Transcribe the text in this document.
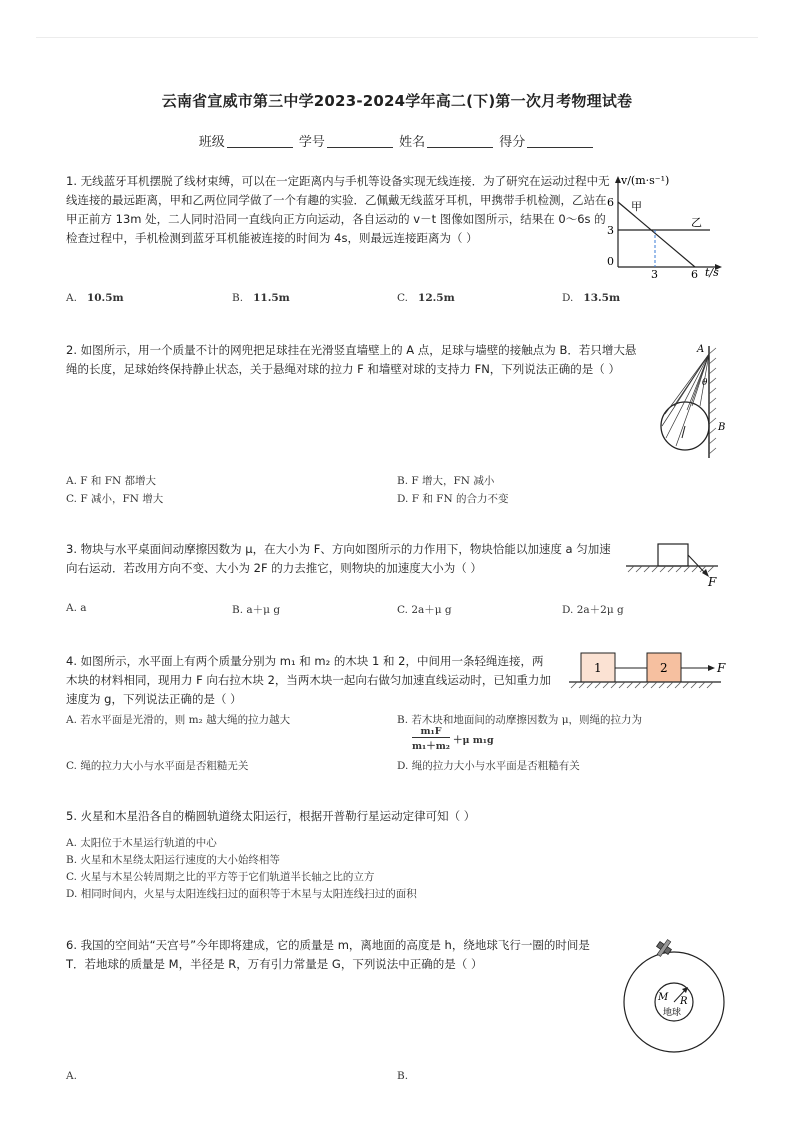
云南省宣威市第三中学2023-2024学年高二(下)第一次月考物理试卷
班级	学号	姓名	得分
1. 无线蓝牙耳机摆脱了线材束缚，可以在一定距离内与手机等设备实现无线连接．为了研究在运动过程中无线连接的最远距离，甲和乙两位同学做了一个有趣的实验．乙佩戴无线蓝牙耳机，甲携带手机检测，乙站在甲正前方 13m 处，二人同时沿同一直线向正方向运动，各自运动的 v－t 图像如图所示，结果在 0～6s 的检查过程中，手机检测到蓝牙耳机能被连接的时间为 4s，则最远连接距离为（ ）
v/(m·s⁻¹)
t/s
6
3
0
3	6
甲
乙
A. 10.5m	B. 11.5m	C. 12.5m	D. 13.5m
2. 如图所示，用一个质量不计的网兜把足球挂在光滑竖直墙壁上的 A 点，足球与墙壁的接触点为 B．若只增大悬绳的长度，足球始终保持静止状态，关于悬绳对球的拉力 F 和墙壁对球的支持力 FN，下列说法正确的是（ ）
A
θ
B
A. F 和 FN 都增大	B. F 增大，FN 减小
C. F 减小，FN 增大	D. F 和 FN 的合力不变
3. 物块与水平桌面间动摩擦因数为 μ，在大小为 F、方向如图所示的力作用下，物块恰能以加速度 a 匀加速向右运动．若改用方向不变、大小为 2F 的力去推它，则物块的加速度大小为（ ）
F
A. a	B. a＋μ g	C. 2a＋μ g	D. 2a＋2μ g
4. 如图所示，水平面上有两个质量分别为 m₁ 和 m₂ 的木块 1 和 2，中间用一条轻绳连接，两木块的材料相同，现用力 F 向右拉木块 2，当两木块一起向右做匀加速直线运动时，已知重力加速度为 g，下列说法正确的是（ ）
1	2	F
A. 若水平面是光滑的，则 m₂ 越大绳的拉力越大	B. 若木块和地面间的动摩擦因数为 μ，则绳的拉力为
$\frac{\text{m₁F}}{\text{m₁＋m₂}} +\mu$ m₁g
C. 绳的拉力大小与水平面是否粗糙无关	D. 绳的拉力大小与水平面是否粗糙有关
5. 火星和木星沿各自的椭圆轨道绕太阳运行，根据开普勒行星运动定律可知（ ）
A. 太阳位于木星运行轨道的中心
B. 火星和木星绕太阳运行速度的大小始终相等
C. 火星与木星公转周期之比的平方等于它们轨道半长轴之比的立方
D. 相同时间内，火星与太阳连线扫过的面积等于木星与太阳连线扫过的面积
6. 我国的空间站“天宫号”今年即将建成，它的质量是 m，离地面的高度是 h，绕地球飞行一圈的时间是 T．若地球的质量是 M，半径是 R，万有引力常量是 G，下列说法中正确的是（ ）
M R
地球
A.	B.
